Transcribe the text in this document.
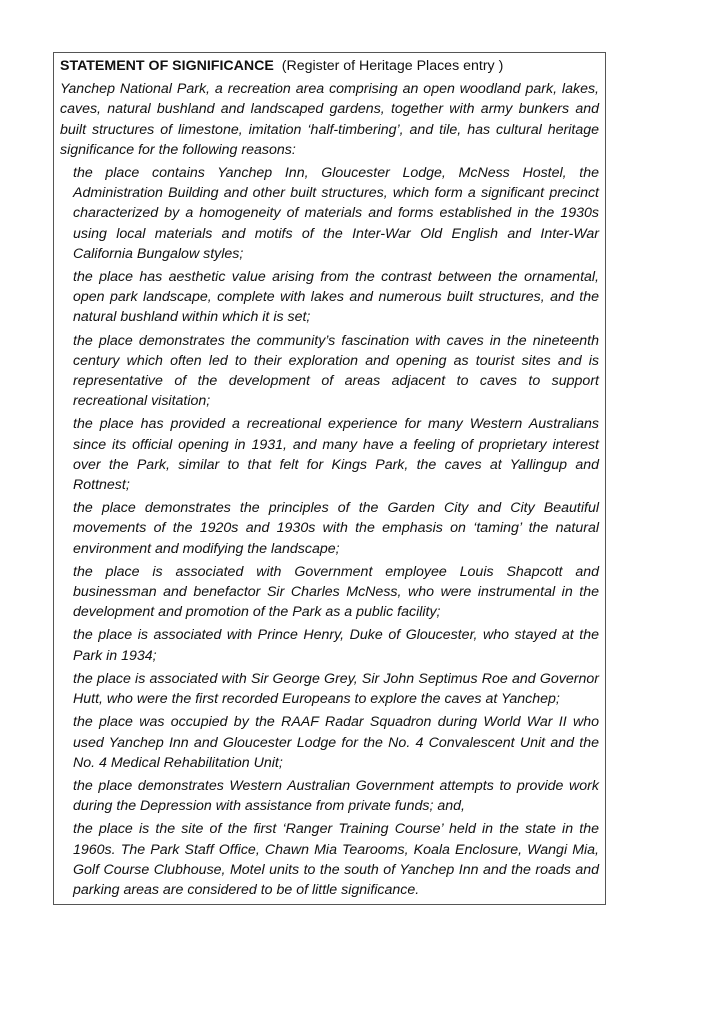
STATEMENT OF SIGNIFICANCE (Register of Heritage Places entry )

Yanchep National Park, a recreation area comprising an open woodland park, lakes, caves, natural bushland and landscaped gardens, together with army bunkers and built structures of limestone, imitation ‘half-timbering’, and tile, has cultural heritage significance for the following reasons:

the place contains Yanchep Inn, Gloucester Lodge, McNess Hostel, the Administration Building and other built structures, which form a significant precinct characterized by a homogeneity of materials and forms established in the 1930s using local materials and motifs of the Inter-War Old English and Inter-War California Bungalow styles;
the place has aesthetic value arising from the contrast between the ornamental, open park landscape, complete with lakes and numerous built structures, and the natural bushland within which it is set;
the place demonstrates the community’s fascination with caves in the nineteenth century which often led to their exploration and opening as tourist sites and is representative of the development of areas adjacent to caves to support recreational visitation;
the place has provided a recreational experience for many Western Australians since its official opening in 1931, and many have a feeling of proprietary interest over the Park, similar to that felt for Kings Park, the caves at Yallingup and Rottnest;
the place demonstrates the principles of the Garden City and City Beautiful movements of the 1920s and 1930s with the emphasis on ‘taming’ the natural environment and modifying the landscape;
the place is associated with Government employee Louis Shapcott and businessman and benefactor Sir Charles McNess, who were instrumental in the development and promotion of the Park as a public facility;
the place is associated with Prince Henry, Duke of Gloucester, who stayed at the Park in 1934;
the place is associated with Sir George Grey, Sir John Septimus Roe and Governor Hutt, who were the first recorded Europeans to explore the caves at Yanchep;
the place was occupied by the RAAF Radar Squadron during World War II who used Yanchep Inn and Gloucester Lodge for the No. 4 Convalescent Unit and the No. 4 Medical Rehabilitation Unit;
the place demonstrates Western Australian Government attempts to provide work during the Depression with assistance from private funds; and,
the place is the site of the first ‘Ranger Training Course’ held in the state in the 1960s. The Park Staff Office, Chawn Mia Tearooms, Koala Enclosure, Wangi Mia, Golf Course Clubhouse, Motel units to the south of Yanchep Inn and the roads and parking areas are considered to be of little significance.
